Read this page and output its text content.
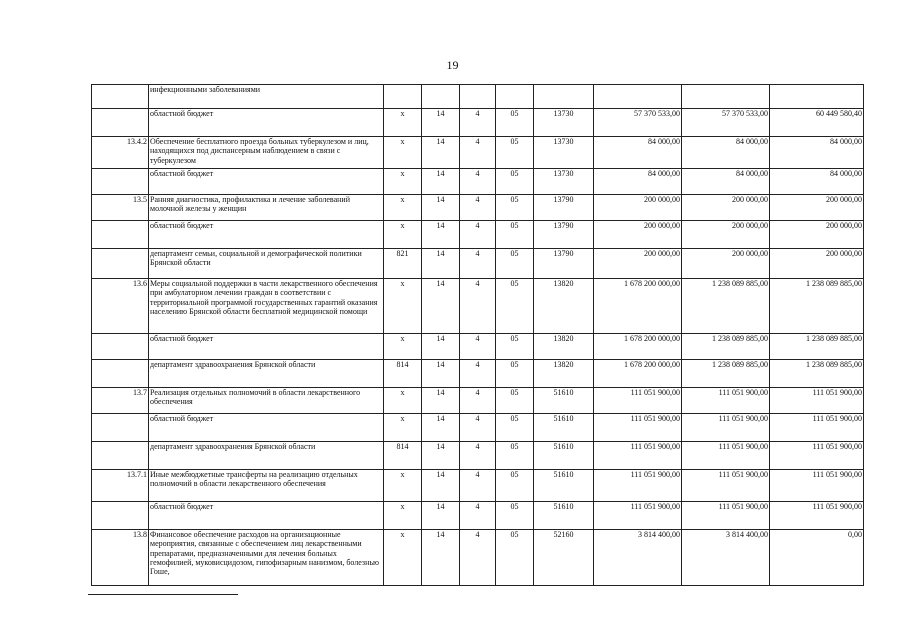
19
	инфекционными заболеваниями								
	областной бюджет	x	14	4	05	13730	57 370 533,00	57 370 533,00	60 449 580,40
13.4.2	Обеспечение бесплатного проезда больных туберкулезом и лиц, находящихся под диспансерным наблюдением в связи с туберкулезом	x	14	4	05	13730	84 000,00	84 000,00	84 000,00
	областной бюджет	x	14	4	05	13730	84 000,00	84 000,00	84 000,00
13.5	Ранняя диагностика, профилактика и лечение заболеваний молочной железы у женщин	x	14	4	05	13790	200 000,00	200 000,00	200 000,00
	областной бюджет	x	14	4	05	13790	200 000,00	200 000,00	200 000,00
	департамент семьи, социальной и демографической политики Брянской области	821	14	4	05	13790	200 000,00	200 000,00	200 000,00
13.6	Меры социальной поддержки в части лекарственного обеспечения при амбулаторном лечении граждан в соответствии с территориальной программой государственных гарантий оказания населению Брянской области бесплатной медицинской помощи	x	14	4	05	13820	1 678 200 000,00	1 238 089 885,00	1 238 089 885,00
	областной бюджет	x	14	4	05	13820	1 678 200 000,00	1 238 089 885,00	1 238 089 885,00
	департамент здравоохранения Брянской области	814	14	4	05	13820	1 678 200 000,00	1 238 089 885,00	1 238 089 885,00
13.7	Реализация отдельных полномочий в области лекарственного обеспечения	x	14	4	05	51610	111 051 900,00	111 051 900,00	111 051 900,00
	областной бюджет	x	14	4	05	51610	111 051 900,00	111 051 900,00	111 051 900,00
	департамент здравоохранения Брянской области	814	14	4	05	51610	111 051 900,00	111 051 900,00	111 051 900,00
13.7.1	Иные межбюджетные трансферты на реализацию отдельных полномочий в области лекарственного обеспечения	x	14	4	05	51610	111 051 900,00	111 051 900,00	111 051 900,00
	областной бюджет	x	14	4	05	51610	111 051 900,00	111 051 900,00	111 051 900,00
13.8	Финансовое обеспечение расходов на организационные мероприятия, связанные с обеспечением лиц лекарственными препаратами, предназначенными для лечения больных гемофилией, муковисцидозом, гипофизарным нанизмом, болезнью Гоше,	x	14	4	05	52160	3 814 400,00	3 814 400,00	0,00
